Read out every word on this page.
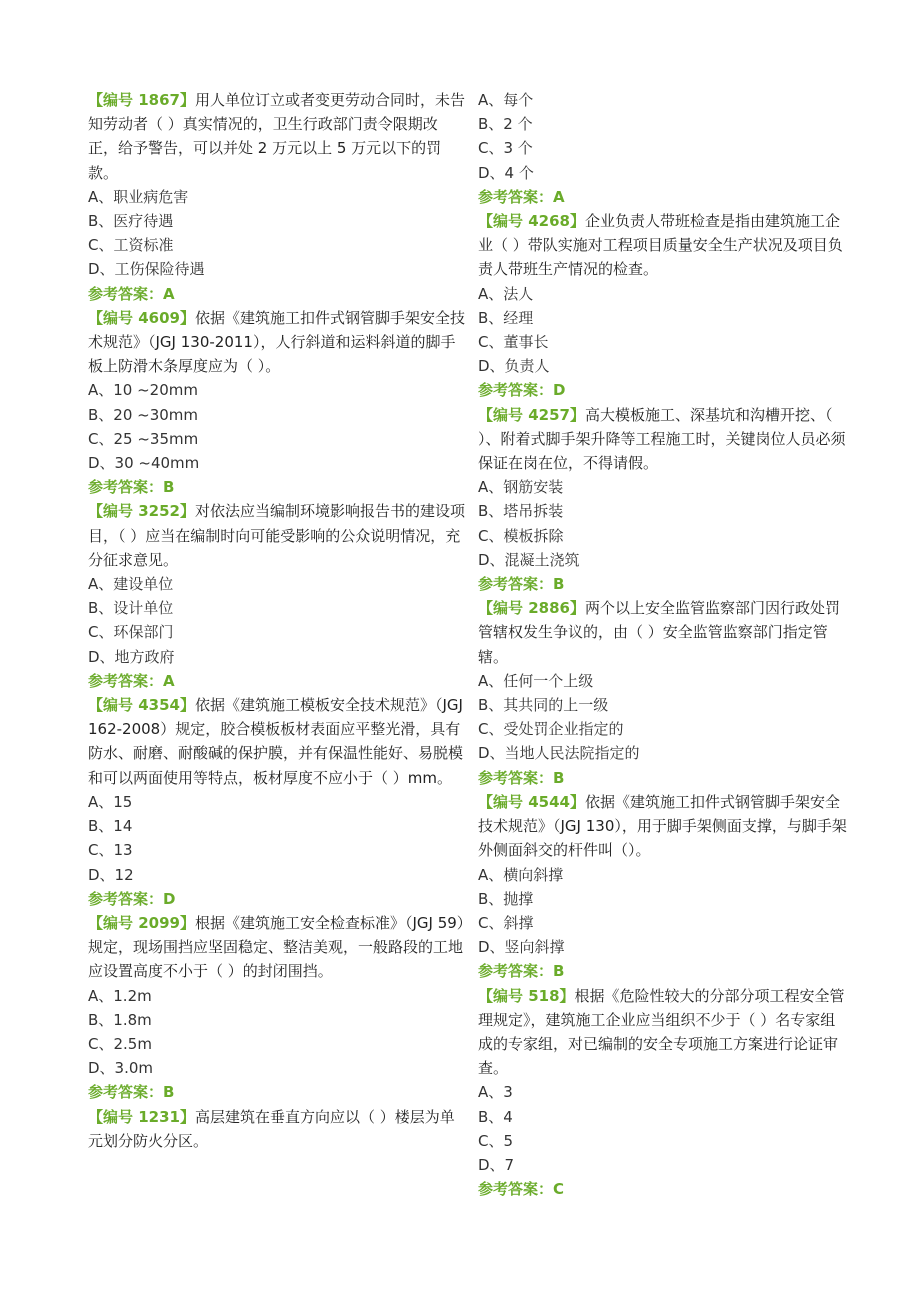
【编号 1867】用人单位订立或者变更劳动合同时，未告知劳动者（ ）真实情况的，卫生行政部门责令限期改正，给予警告，可以并处 2 万元以上 5 万元以下的罚款。
A、职业病危害
B、医疗待遇
C、工资标准
D、工伤保险待遇
参考答案：A
【编号 4609】依据《建筑施工扣件式钢管脚手架安全技术规范》（JGJ 130-2011），人行斜道和运料斜道的脚手板上防滑木条厚度应为（ ）。
A、10 ~20mm
B、20 ~30mm
C、25 ~35mm
D、30 ~40mm
参考答案：B
【编号 3252】对依法应当编制环境影响报告书的建设项目，（ ）应当在编制时向可能受影响的公众说明情况，充分征求意见。
A、建设单位
B、设计单位
C、环保部门
D、地方政府
参考答案：A
【编号 4354】依据《建筑施工模板安全技术规范》（JGJ 162-2008）规定，胶合模板板材表面应平整光滑，具有防水、耐磨、耐酸碱的保护膜，并有保温性能好、易脱模和可以两面使用等特点，板材厚度不应小于（ ）mm。
A、15
B、14
C、13
D、12
参考答案：D
【编号 2099】根据《建筑施工安全检查标准》（JGJ 59）规定，现场围挡应坚固稳定、整洁美观，一般路段的工地应设置高度不小于（ ）的封闭围挡。
A、1.2m
B、1.8m
C、2.5m
D、3.0m
参考答案：B
【编号 1231】高层建筑在垂直方向应以（ ）楼层为单元划分防火分区。
A、每个
B、2 个
C、3 个
D、4 个
参考答案：A
【编号 4268】企业负责人带班检查是指由建筑施工企业（ ）带队实施对工程项目质量安全生产状况及项目负责人带班生产情况的检查。
A、法人
B、经理
C、董事长
D、负责人
参考答案：D
【编号 4257】高大模板施工、深基坑和沟槽开挖、（ ）、附着式脚手架升降等工程施工时，关键岗位人员必须保证在岗在位，不得请假。
A、钢筋安装
B、塔吊拆装
C、模板拆除
D、混凝土浇筑
参考答案：B
【编号 2886】两个以上安全监管监察部门因行政处罚管辖权发生争议的，由（ ）安全监管监察部门指定管辖。
A、任何一个上级
B、其共同的上一级
C、受处罚企业指定的
D、当地人民法院指定的
参考答案：B
【编号 4544】依据《建筑施工扣件式钢管脚手架安全技术规范》（JGJ 130），用于脚手架侧面支撑，与脚手架外侧面斜交的杆件叫（）。
A、横向斜撑
B、抛撑
C、斜撑
D、竖向斜撑
参考答案：B
【编号 518】根据《危险性较大的分部分项工程安全管理规定》，建筑施工企业应当组织不少于（ ）名专家组成的专家组，对已编制的安全专项施工方案进行论证审查。
A、3
B、4
C、5
D、7
参考答案：C
